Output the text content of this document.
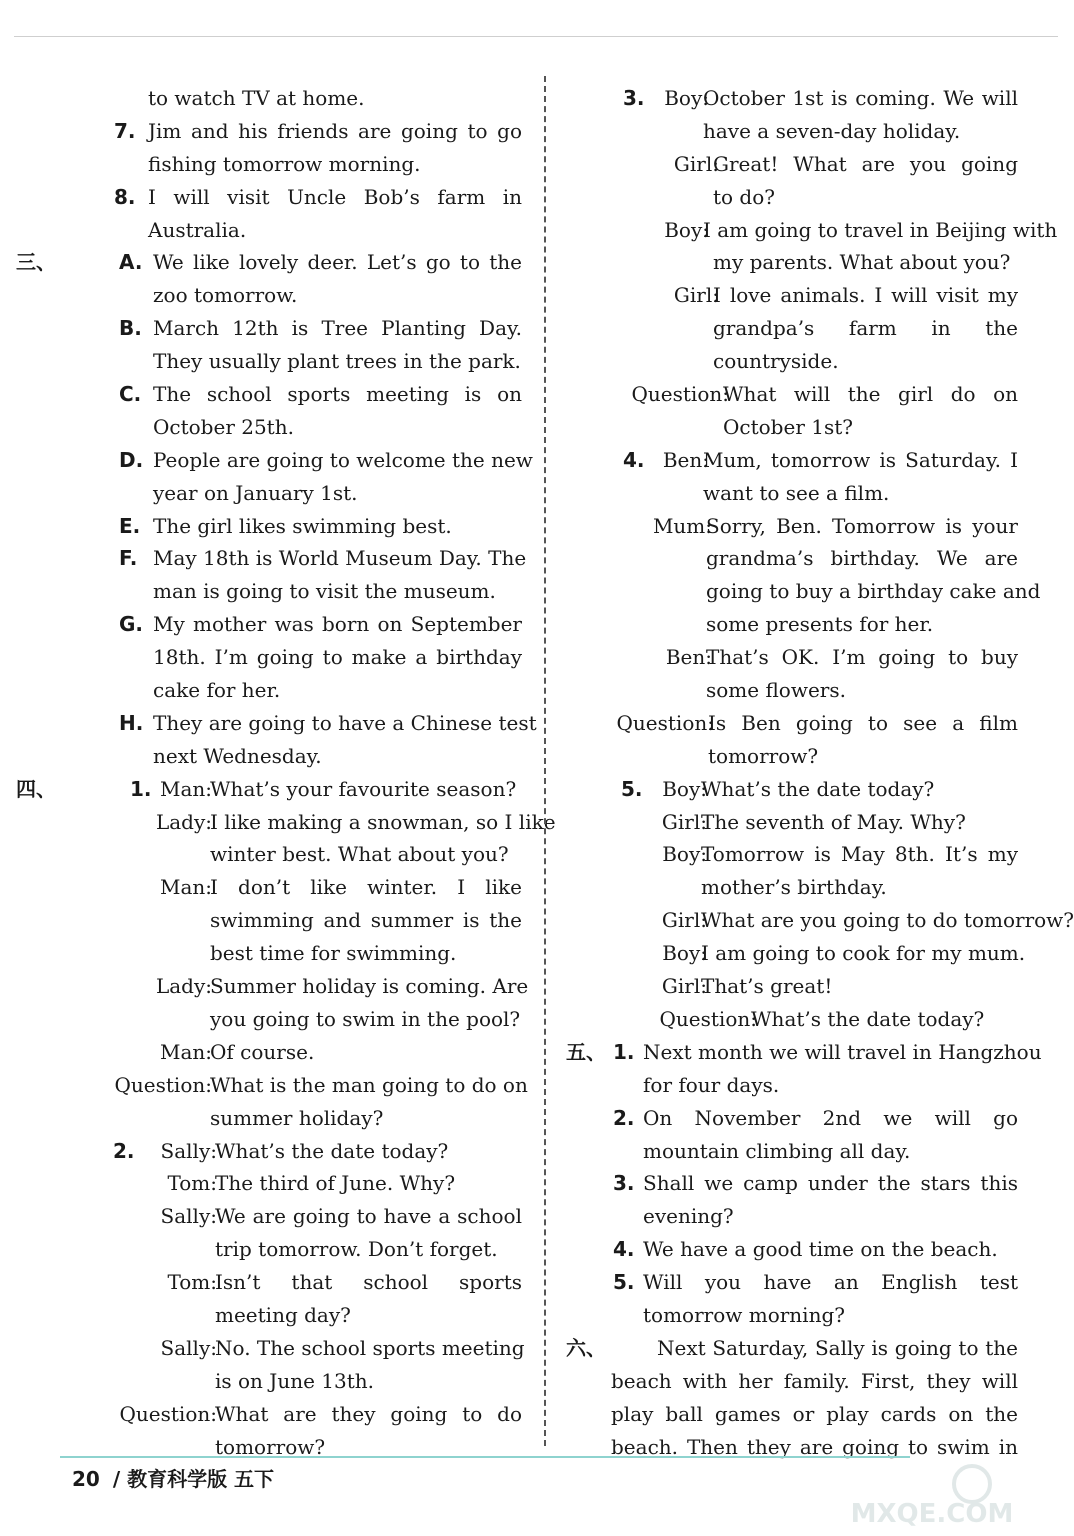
to watch TV at home.
7. Jim and his friends are going to go
fishing tomorrow morning.
8. I will visit Uncle Bob’s farm in
Australia.
三、	A. We like lovely deer. Let’s go to the
zoo tomorrow.
B. March 12th is Tree Planting Day.
They usually plant trees in the park.
C. The school sports meeting is on
October 25th.
D. People are going to welcome the new
year on January 1st.
E. The girl likes swimming best.
F. May 18th is World Museum Day. The
man is going to visit the museum.
G. My mother was born on September
18th. I’m going to make a birthday
cake for her.
H. They are going to have a Chinese test
next Wednesday.
四、	1. Man:
What’s your favourite season?
Lady:
I like making a snowman, so I like
winter best. What about you?
Man:
I don’t like winter. I like
swimming and summer is the
best time for swimming.
Lady:
Summer holiday is coming. Are
you going to swim in the pool?
Man:
Of course.
Question:
What is the man going to do on
summer holiday?
2. Sally:
What’s the date today?
Tom:
The third of June. Why?
Sally:
We are going to have a school
trip tomorrow. Don’t forget.
Tom:
Isn’t that school sports
meeting day?
Sally:
No. The school sports meeting
is on June 13th.
Question:
What are they going to do
tomorrow?
3. Boy:
October 1st is coming. We will
have a seven-day holiday.
Girl:
Great! What are you going
to do?
Boy:
I am going to travel in Beijing with
my parents. What about you?
Girl:
I love animals. I will visit my
grandpa’s farm in the
countryside.
Question:
What will the girl do on
October 1st?
4. Ben:
Mum, tomorrow is Saturday. I
want to see a film.
Mum:
Sorry, Ben. Tomorrow is your
grandma’s birthday. We are
going to buy a birthday cake and
some presents for her.
Ben:
That’s OK. I’m going to buy
some flowers.
Question:
Is Ben going to see a film
tomorrow?
5. Boy:
What’s the date today?
Girl:
The seventh of May. Why?
Boy:
Tomorrow is May 8th. It’s my
mother’s birthday.
Girl:
What are you going to do tomorrow?
Boy:
I am going to cook for my mum.
Girl:
That’s great!
Question:
What’s the date today?
五、 1. Next month we will travel in Hangzhou
for four days.
2. On November 2nd we will go
mountain climbing all day.
3. Shall we camp under the stars this
evening?
4. We have a good time on the beach.
5. Will you have an English test
tomorrow morning?
六、	Next Saturday, Sally is going to the
beach with her family. First, they will
play ball games or play cards on the
beach. Then they are going to swim in
20 / 教育科学版 五下
MXQE.COM
